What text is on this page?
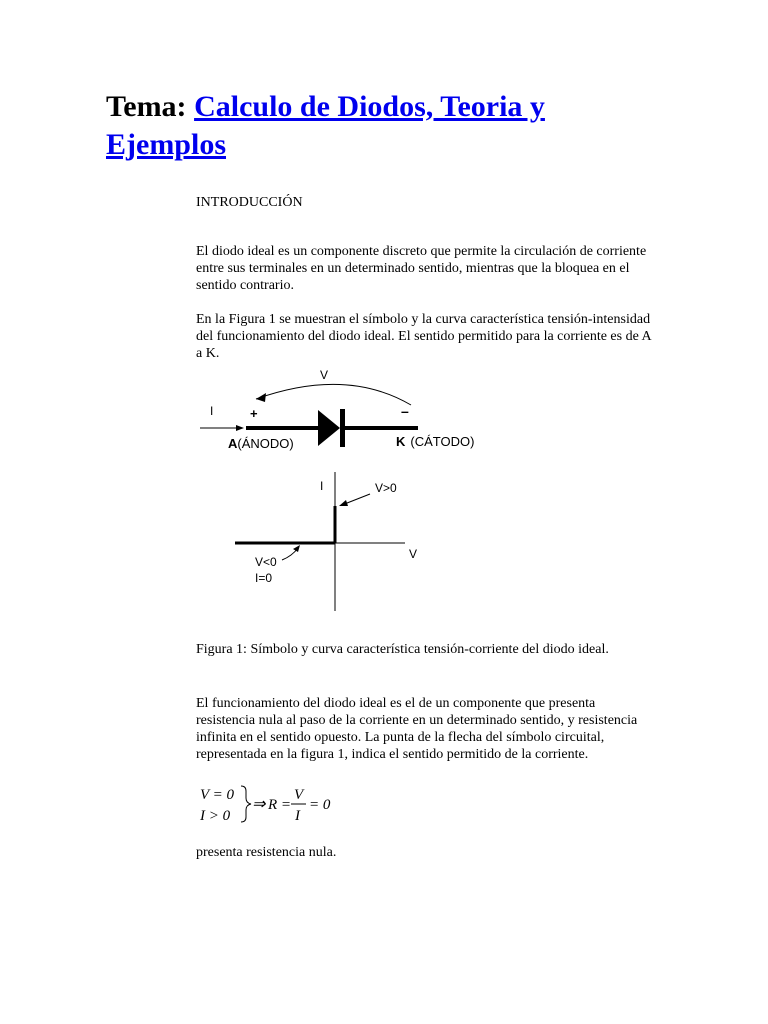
Tema: Calculo de Diodos, Teoria y
Ejemplos
INTRODUCCIÓN

El diodo ideal es un componente discreto que permite la circulación de corriente entre sus terminales en un determinado sentido, mientras que la bloquea en el sentido contrario.

En la Figura 1 se muestran el símbolo y la curva característica tensión-intensidad del funcionamiento del diodo ideal. El sentido permitido para la corriente es de A a K.

V
I	+	–
A(ÁNODO)	K (CÁTODO)
I
V
V>0
V<0
I=0

Figura 1: Símbolo y curva característica tensión-corriente del diodo ideal.

El funcionamiento del diodo ideal es el de un componente que presenta resistencia nula al paso de la corriente en un determinado sentido, y resistencia infinita en el sentido opuesto. La punta de la flecha del símbolo circuital, representada en la figura 1, indica el sentido permitido de la corriente.

V = 0
I > 0
⇒ R =
V
I
= 0

presenta resistencia nula.
